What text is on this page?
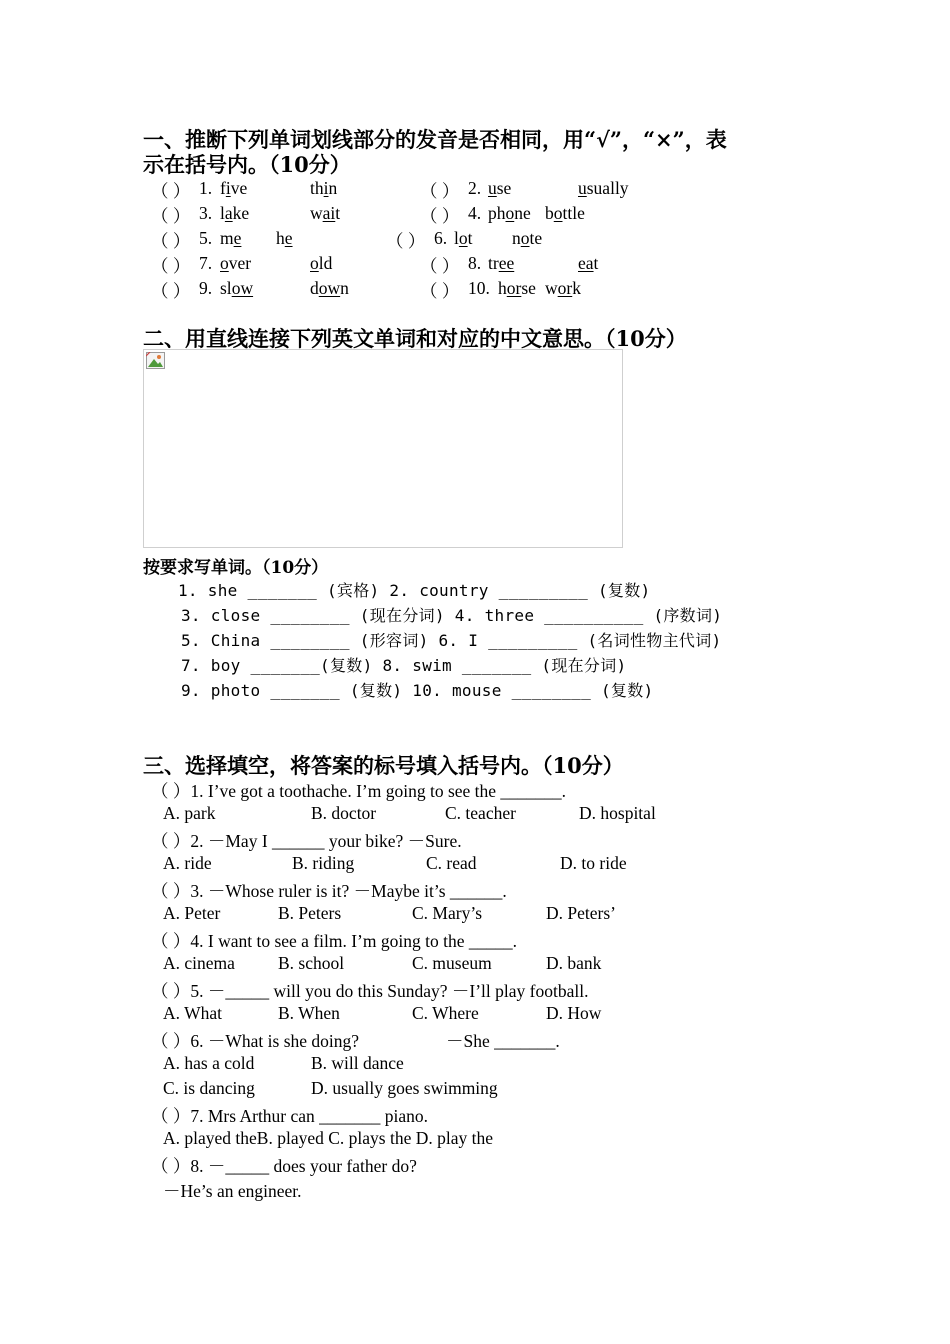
一、推断下列单词划线部分的发音是否相同，用“√”，“×”，表
示在括号内。（10分）
（ ） 1. five	thin	（ ） 2. use	usually
（ ） 3. lake	wait	（ ） 4. phone bottle
（ ） 5. me he	（ ） 6. lot note
（ ） 7. over	old	（ ） 8. tree	eat
（ ） 9. slow	down	（ ） 10. horse work
二、用直线连接下列英文单词和对应的中文意思。（10分）
按要求写单词。（10分）
1. she _______ (宾格) 2. country _________ (复数)
3. close ________ (现在分词) 4. three __________ (序数词)
5. China ________ (形容词) 6. I _________ (名词性物主代词)
7. boy _______(复数) 8. swim _______ (现在分词)
9. photo _______ (复数) 10. mouse ________ (复数)
三、选择填空，将答案的标号填入括号内。（10分）
（ ）1. I’ve got a toothache. I’m going to see the _______.
A. park	B. doctor	C. teacher	D. hospital
（ ）2. －May I ______ your bike? －Sure.
A. ride	B. riding	C. read	D. to ride
（ ）3. －Whose ruler is it? －Maybe it’s ______.
A. Peter	B. Peters	C. Mary’s	D. Peters’
（ ）4. I want to see a film. I’m going to the _____.
A. cinema B. school	C. museum	D. bank
（ ）5. －_____ will you do this Sunday? －I’ll play football.
A. What	B. When	C. Where	D. How
（ ）6. －What is she doing?	－She _______.
A. has a cold	B. will dance
C. is dancing	D. usually goes swimming
（ ）7. Mrs Arthur can _______ piano.
A. played theB. played C. plays the D. play the
（ ）8. －_____ does your father do?
－He’s an engineer.
